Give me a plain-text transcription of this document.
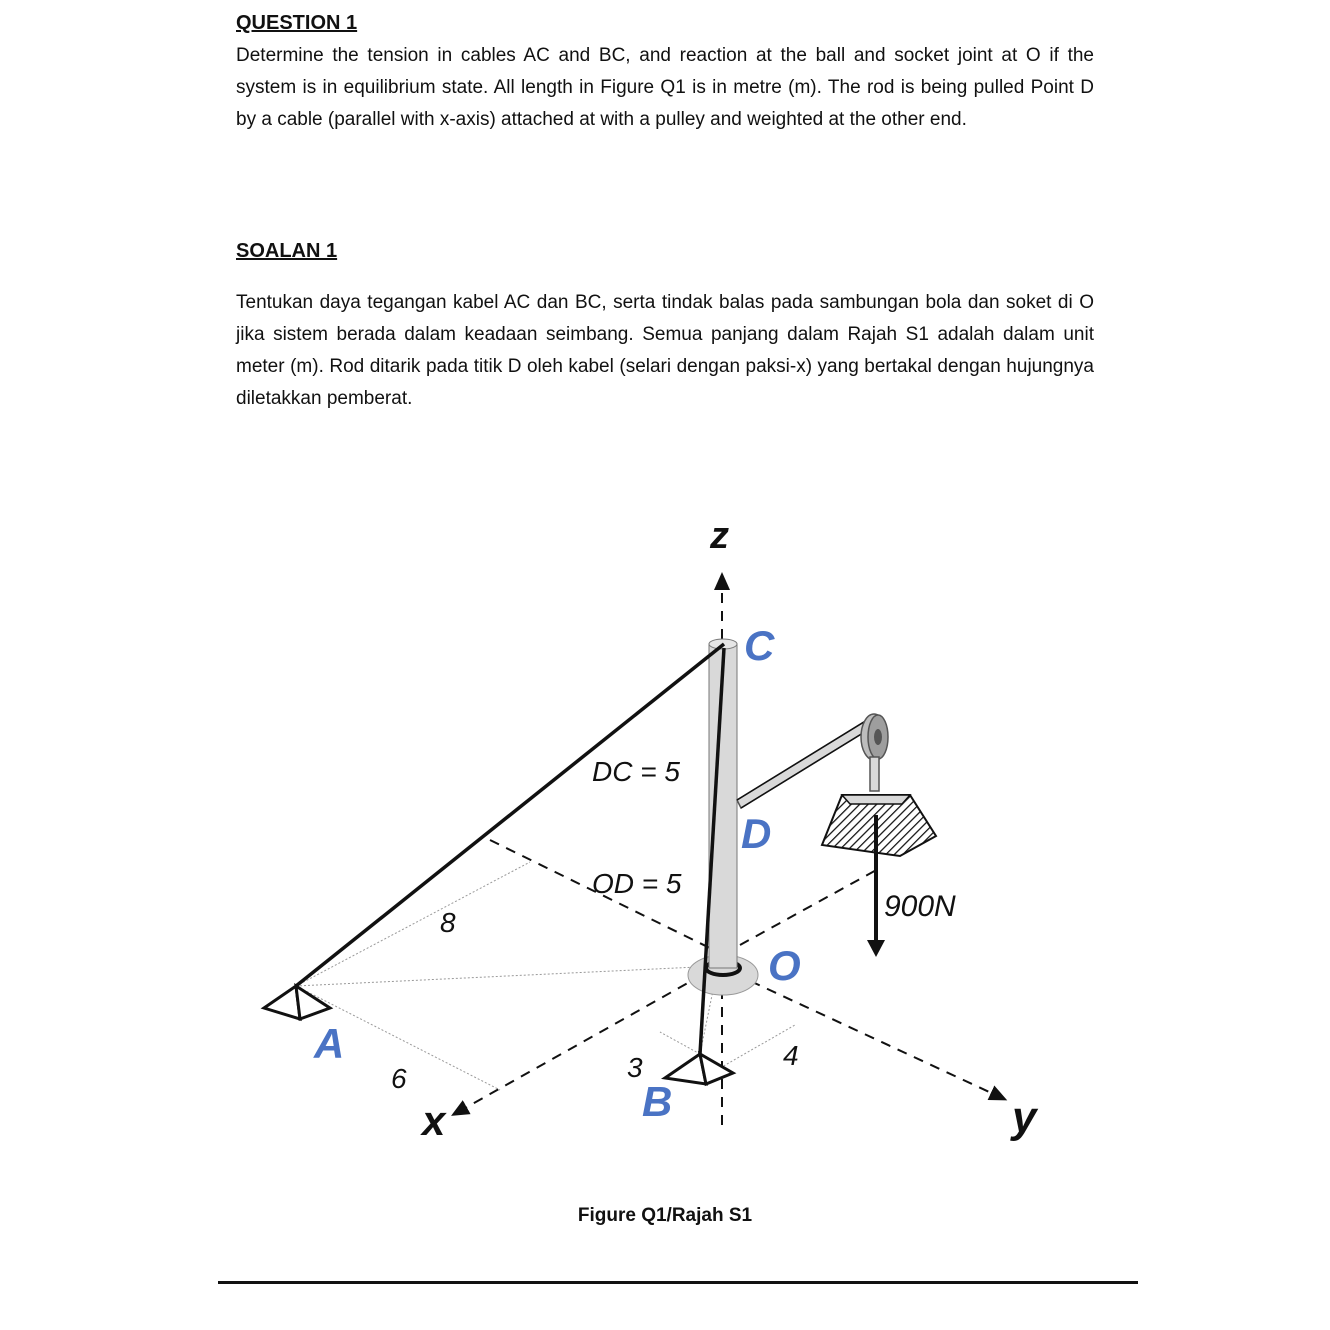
QUESTION 1

Determine the tension in cables AC and BC, and reaction at the ball and socket joint at O if the system is in equilibrium state. All length in Figure Q1 is in metre (m). The rod is being pulled Point D by a cable (parallel with x-axis) attached at with a pulley and weighted at the other end.

SOALAN 1

Tentukan daya tegangan kabel AC dan BC, serta tindak balas pada sambungan bola dan soket di O jika sistem berada dalam keadaan seimbang. Semua panjang dalam Rajah S1 adalah dalam unit meter (m). Rod ditarik pada titik D oleh kabel (selari dengan paksi-x) yang bertakal dengan hujungnya diletakkan pemberat.

z
x	y
A
B
C
D
O
DC = 5
OD = 5
8
6	3	4
900N
Figure Q1/Rajah S1
